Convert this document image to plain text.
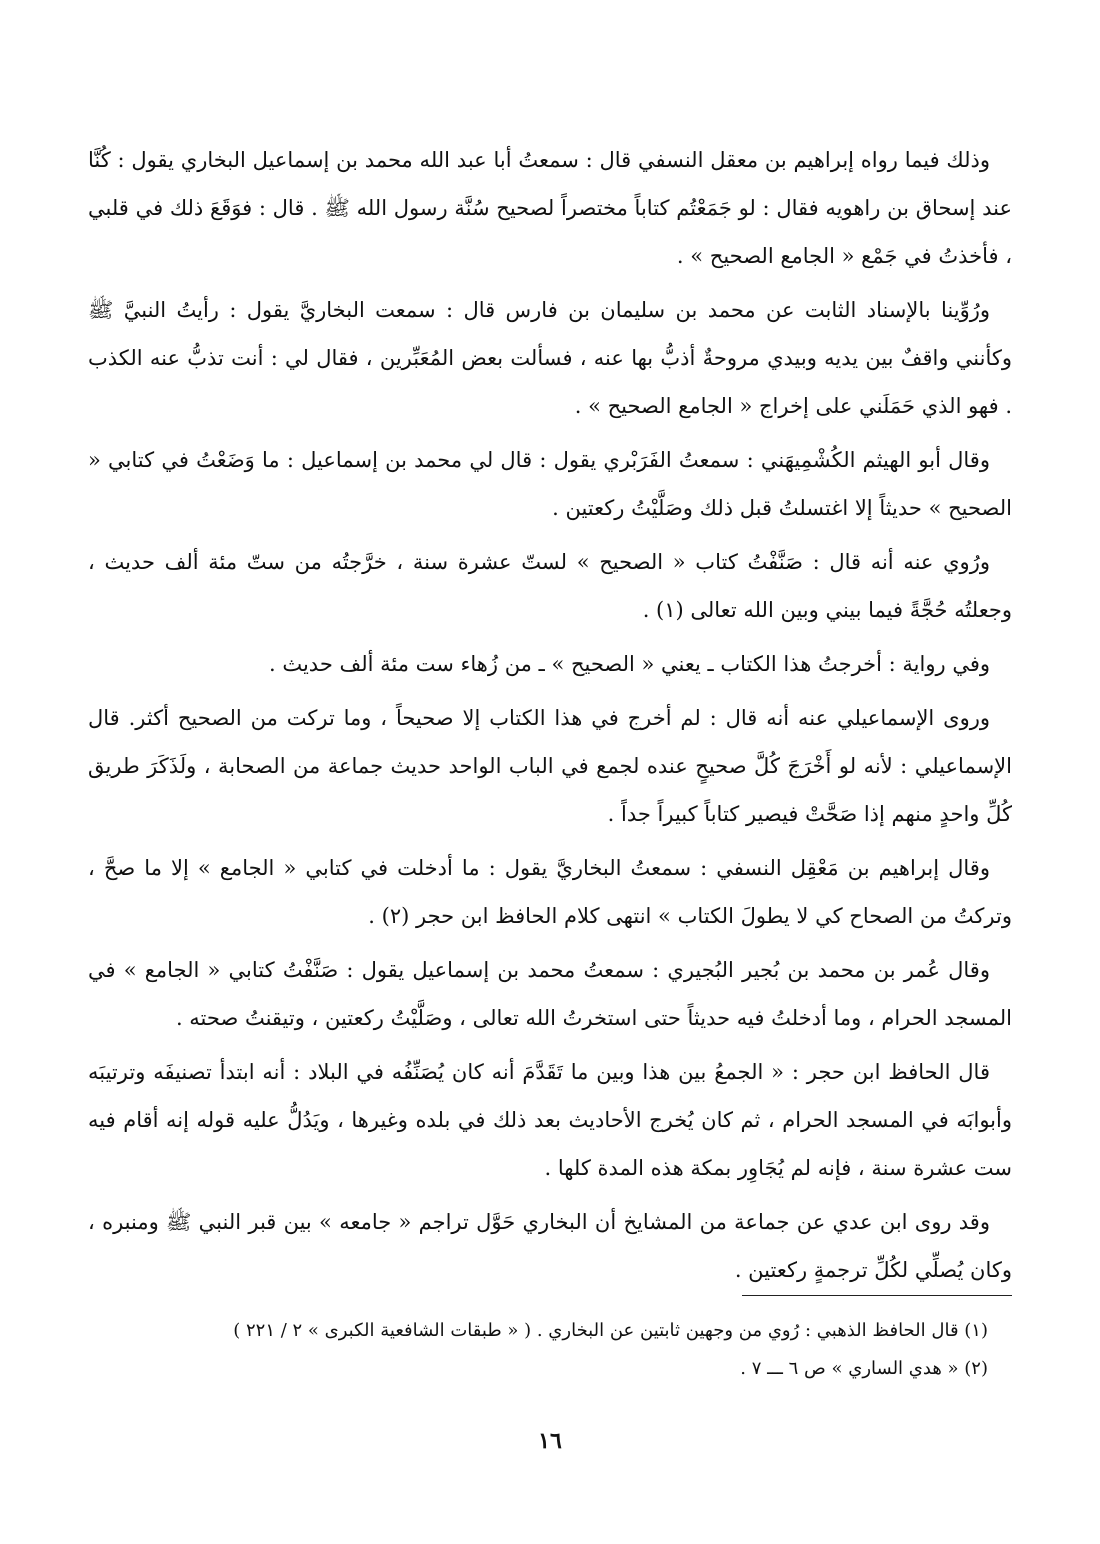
وذلك فيما رواه إبراهيم بن معقل النسفي قال : سمعتُ أبا عبد الله محمد بن إسماعيل البخاري يقول : كُنَّا عند إسحاق بن راهويه فقال : لو جَمَعْتُم كتاباً مختصراً لصحيح سُنَّة رسول الله ﷺ . قال : فوَقَعَ ذلك في قلبي ، فأخذتُ في جَمْع « الجامع الصحيح » .

ورُوِّينا بالإسناد الثابت عن محمد بن سليمان بن فارس قال : سمعت البخاريَّ يقول : رأيتُ النبيَّ ﷺ وكأنني واقفٌ بين يديه وبيدي مروحةٌ أذبُّ بها عنه ، فسألت بعض المُعَبِّرين ، فقال لي : أنت تذبُّ عنه الكذب . فهو الذي حَمَلَني على إخراج « الجامع الصحيح » .

وقال أبو الهيثم الكُشْمِيهَني : سمعتُ الفَرَبْري يقول : قال لي محمد بن إسماعيل : ما وَضَعْتُ في كتابي « الصحيح » حديثاً إلا اغتسلتُ قبل ذلك وصَلَّيْتُ ركعتين .

ورُوي عنه أنه قال : صَنَّفْتُ كتاب « الصحيح » لستّ عشرة سنة ، خرَّجتُه من ستّ مئة ألف حديث ، وجعلتُه حُجَّةً فيما بيني وبين الله تعالى (١) .

وفي رواية : أخرجتُ هذا الكتاب ـ يعني « الصحيح » ـ من زُهاء ست مئة ألف حديث .

وروى الإسماعيلي عنه أنه قال : لم أخرج في هذا الكتاب إلا صحيحاً ، وما تركت من الصحيح أكثر. قال الإسماعيلي : لأنه لو أَخْرَجَ كُلَّ صحيحٍ عنده لجمع في الباب الواحد حديث جماعة من الصحابة ، ولَذَكَرَ طريق كُلِّ واحدٍ منهم إذا صَحَّتْ فيصير كتاباً كبيراً جداً .

وقال إبراهيم بن مَعْقِل النسفي : سمعتُ البخاريَّ يقول : ما أدخلت في كتابي « الجامع » إلا ما صحَّ ، وتركتُ من الصحاح كي لا يطولَ الكتاب » انتهى كلام الحافظ ابن حجر (٢) .

وقال عُمر بن محمد بن بُجير البُجيري : سمعتُ محمد بن إسماعيل يقول : صَنَّفْتُ كتابي « الجامع » في المسجد الحرام ، وما أدخلتُ فيه حديثاً حتى استخرتُ الله تعالى ، وصَلَّيْتُ ركعتين ، وتيقنتُ صحته .

قال الحافظ ابن حجر : « الجمعُ بين هذا وبين ما تَقَدَّمَ أنه كان يُصَنِّفُه في البلاد : أنه ابتدأ تصنيفَه وترتيبَه وأبوابَه في المسجد الحرام ، ثم كان يُخرج الأحاديث بعد ذلك في بلده وغيرها ، ويَدُلُّ عليه قوله إنه أقام فيه ست عشرة سنة ، فإنه لم يُجَاوِر بمكة هذه المدة كلها .

وقد روى ابن عدي عن جماعة من المشايخ أن البخاري حَوَّل تراجم « جامعه » بين قبر النبي ﷺ ومنبره ، وكان يُصلِّي لكُلِّ ترجمةٍ ركعتين .

(١) قال الحافظ الذهبي : رُوي من وجهين ثابتين عن البخاري . ( « طبقات الشافعية الكبرى » ٢ / ٢٢١ )

(٢) « هدي الساري » ص ٦ ـــ ٧ .

١٦
